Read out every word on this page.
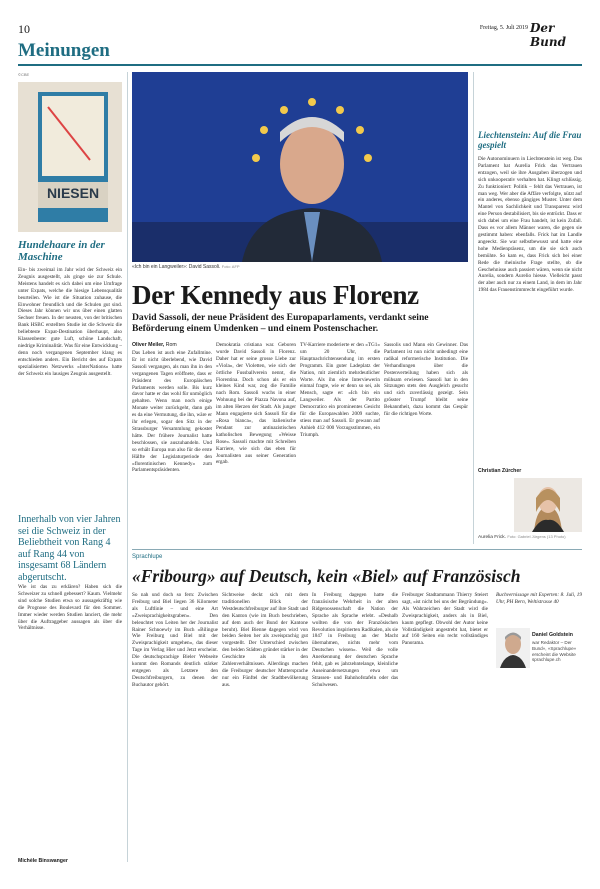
10	Freitag, 5. Juli 2019 Der Bund
Meinungen
©CBE
NIESEN
Hundehaare in der Maschine
Ein- bis zweimal im Jahr wird der Schweiz ein Zeugnis ausgestellt, als ginge sie zur Schule. Meistens handelt es sich dabei um eine Umfrage unter Expats, welche die hiesige Lebensqualität beurteilen. Wie ist die Situation zuhause, die Einwohner freundlich und die Schulen gut sind. Dieses Jahr können wir uns über einen glatten Sechser freuen. In der neusten, von der britischen Bank HSBC erstellten Studie ist die Schweiz die beliebteste Expat-Destination überhaupt, also Klassenbeste: gute Luft, schöne Landschaft, niedrige Kriminalität. Was für eine Entwicklung – denn noch vergangenen September klang es entschieden anders. Ein Bericht des auf Expats spezialisierten Netzwerks «InterNations» hatte der Schweiz ein lausiges Zeugnis ausgestellt.
Innerhalb von vier Jahren sei die Schweiz in der Beliebtheit von Rang 4 auf Rang 44 von insgesamt 68 Ländern abgerutscht.
Wie ist das zu erklären? Haben sich die Schweizer zu schnell gebessert? Kaum. Vielmehr sind solche Studien etwa so aussagekräftig wie die Prognose des Boulevard für den Sommer. Immer wieder werden Studien lanciert, die mehr über die Auftraggeber aussagen als über die Verhältnisse.
Michèle Binswanger
«Ich bin ein Langweiler»: David Sassoli. Foto: AFP
Der Kennedy aus Florenz
David Sassoli, der neue Präsident des Europaparlaments, verdankt seine Beförderung einem Umdenken – und einem Postenschacher.
Oliver Meiler, Rom
Das Leben ist auch eine Zufallmine. Er ist nicht überlebend, wie David Sassoli vergangen, als man ihn in den vergangenen Tagen eröffnete, dass er Präsident des Europäischen Parlaments werden solle. Bis kurz davor hatte er das wohl für unmöglich gehalten. Wenn man noch einige Monate weiter zurückgeht, dann gab es da eine Vermutung, die ihn, wäre er ihr erlegen, sogar den Sitz in der Strassburger Versammlung gekostet hätte. Der frühere Journalist hatte beschlossen, sie auszuhandeln. Und so erhält Europa nun also für die erste Hälfte der Legislaturperiode den «florentinischen Kennedy» zum Parlamentspräsidenten.
Demokratia cristiana war. Geboren wurde David Sassoli in Florenz. Daher hat er seine grosse Liebe zur «Viola», der Violetten, wie sich der örtliche Fussballverein nennt, die Fiorentina. Doch schon als er ein kleines Kind war, zog die Familie nach Rom. Sassoli wuchs in einer Wohnung bei der Piazza Navona auf, im alten Herzen der Stadt. Als junger Mann engagierte sich Sassoli für die «Rosa bianca», das italienische Pendant zur antinazistischen katholischen Bewegung «Weisse Rose». Sassoli machte mit Schreiben Karriere, wie sich das eben für Journalisten aus seiner Generation ergab.
TV-Karriere moderierte er den «TG1» um 20 Uhr, die Hauptnachrichtensendung im ersten Programm. Ein guter Ladeplatz der Nation, mit ziemlich mehrdeutlicher Worte. Als ihn eine Interviewerin einmal fragte, wie er denn so sei, als Mensch, sagte er: «Ich bin ein Langweiler. Als der Partito Democratico ein prominentes Gesicht für die Europawahlen 2009 suchte, stiess man auf Sassoli. Er gewann auf Anhieb 412 000 Vorzugsstimmen, ein Triumph.
Sassolis und Mann ein Gewinner. Das Parlament ist nun nicht unbedingt eine radikal reformerische Institution. Die Verhandlungen über die Postenverteilung haben sich als mühsam erwiesen. Sassoli hat in den Sitzungen stets den Ausgleich gesucht und sich zuverlässig gezeigt. Sein grösster Trumpf bleibt seine Bekanntheit, dazu kommt das Gespür für die richtigen Worte.
Liechtenstein: Auf die Frau gespielt
Die Autonominuern in Liechtenstein ist weg. Das Parlament hat Aurelia Frick das Vertrauen entzogen, weil sie ihre Ausgaben überzogen und sich unkooperativ verhalten hat. Klingt schlüssig. Zu funktioniert: Politik – fehlt das Vertrauen, ist man weg. Wer aber die Affäre verfolgte, nützt auf ein anderes, ebenso gängiges Muster. Unter dem Mantel von Sachlichkeit und Transparenz wird eine Person destabilisiert, bis sie entrückt. Dass er sich dabei um eine Frau handelt, ist kein Zufall. Dass es vor allem Männer waren, die gegen sie gestimmt haben: ebenfalls. Frick hat im Landle angeeckt. Sie war selbstbewusst und hatte eine hohe Medienpräsenz, um die sie sich auch bemühte. So kam es, dass Frick sich bei einer Rede die rheinische Frage stellte, ob die Geschehnisse auch passiert wären, wenn sie nicht Aurelia, sondern Aurelio hiesse. Vielleicht passt der aber auch nur zu einem Land, in dem im Jahr 1984 das Frauenstimmrecht eingeführt wurde.
Christian Zürcher
Aurelia Frick. Foto: Gabriel Jürgens (13 Photo)
Sprachlupe
«Fribourg» auf Deutsch, kein «Biel» auf Französisch
So nah und doch so fern: Zwischen Freiburg und Biel liegen 36 Kilometer als Luftlinie – und eine Art «Zweisprachigkeitsgraben». Den beleuchtet von Leiten her der Journalist Rainer Schnoewly im Buch «Bilingue Wie Freiburg und Biel mit der Zweisprachigkeit umgehen», das dieser Tage im Verlag Hier und Jetzt erscheint. Die deutschsprachige Bieler Webseite kommt den Romands deutlich stärker entgegen als Letztere den Deutschfreiburgern, zu denen der Buchautor gehört.
Sichtweise deckt sich mit dem traditionellen Blick der Westdeutschfreiburger auf ihre Stadt und den Kanton (wie im Buch beschrieben, auf dem auch der Bund der Kantone beruht). Biel Bienne dagegen wird von beiden Seiten her als zweisprachig gut vorgestellt. Der Unterschied zwischen den beiden Städten gründet stärker in der Geschichte als in den Zahlenverhältnissen. Allerdings machen die Freiburger deutscher Muttersprache nur ein Fünftel der Stadtbevölkerung aus.
In Freiburg dagegen hatte die französische Wehrheit in der alten Ridgenossenschaft die Nation der Sprache als Sprache erlebt. «Deshalb wollten die von der Französischen Revolution inspirierten Radikalen, als sie 1847 in Freiburg an der Macht übernahmen, nichts mehr vom Deutschen wissen». Weil die volle Anerkennung der deutschen Sprache fehlt, gab es jahrzehntelange, kleinliche Auseinandersetzungen etwa um Strassen- und Bahnhofstafeln oder das Schulwesen.
Freiburger Stadtammann Thierry Steiert sagt, «ist nicht bei uns der Begründung». Als Wahrzeichen der Stadt wird die Zweisprachigkeit, anders als in Biel, kaum gepflegt. Obwohl der Autor keine Vollständigkeit angestrebt hat, bietet er auf 160 Seiten ein recht vollständiges Panorama.
Buchvernissage mit Experten: 8. Juli, 19 Uhr, PH Bern, Weltistrasse 40
Daniel Goldstein
war Redaktor – Der Bund», «Sprachlupe» erscheint die Website sprachlupe.ch
